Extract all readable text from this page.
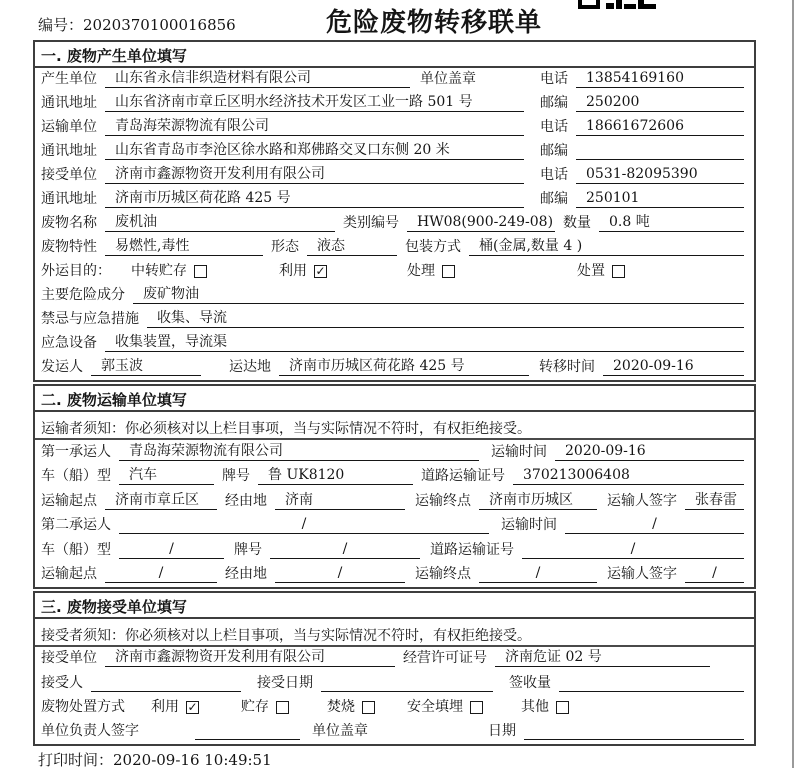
编号：2020370100016856	危险废物转移联单
一. 废物产生单位填写
产生单位	山东省永信非织造材料有限公司	单位盖章	电话	13854169160
通讯地址	山东省济南市章丘区明水经济技术开发区工业一路 501 号	邮编	250200
运输单位	青岛海荣源物流有限公司	电话	18661672606
通讯地址	山东省青岛市李沧区徐水路和郑佛路交叉口东侧 20 米	邮编
接受单位	济南市鑫源物资开发利用有限公司	电话	0531-82095390
通讯地址	济南市历城区荷花路 425 号	邮编	250101
废物名称	废机油	类别编号	HW08(900-249-08) 数量	0.8 吨
废物特性	易燃性,毒性	形态	液态	包装方式	桶(金属,数量 4 )
外运目的：	中转贮存	利用 ✓	处理	处置
主要危险成分	废矿物油
禁忌与应急措施	收集、导流
应急设备	收集装置，导流渠
发运人	郭玉波	运达地	济南市历城区荷花路 425 号	转移时间	2020-09-16
二. 废物运输单位填写
运输者须知：你必须核对以上栏目事项，当与实际情况不符时，有权拒绝接受。
第一承运人	青岛海荣源物流有限公司	运输时间	2020-09-16
车（船）型	汽车	牌号	鲁 UK8120	道路运输证号	370213006408
运输起点	济南市章丘区	经由地	济南	运输终点	济南市历城区	运输人签字	张春雷
第二承运人	/	运输时间	/
车（船）型	/	牌号	/	道路运输证号	/
运输起点	/	经由地	/	运输终点	/	运输人签字	/
三. 废物接受单位填写
接受者须知：你必须核对以上栏目事项，当与实际情况不符时，有权拒绝接受。
接受单位	济南市鑫源物资开发利用有限公司	经营许可证号	济南危证 02 号
接受人	接受日期	签收量
废物处置方式	利用 ✓	贮存	焚烧	安全填埋	其他
单位负责人签字	单位盖章	日期
打印时间：2020-09-16 10:49:51
